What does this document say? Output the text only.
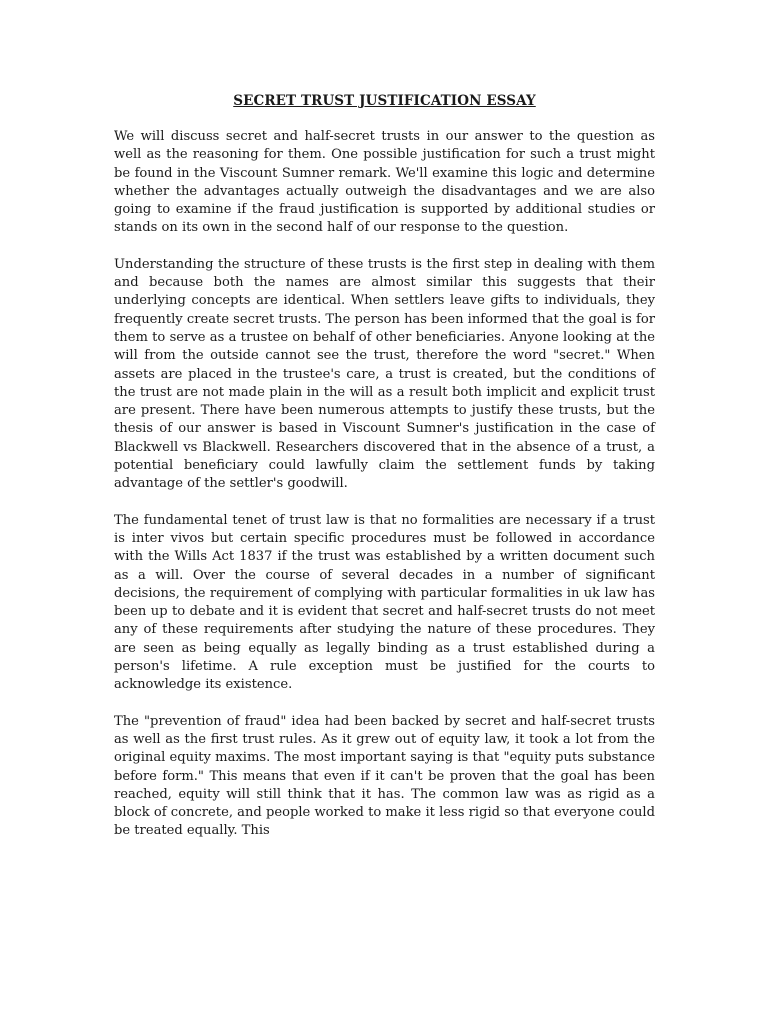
SECRET TRUST JUSTIFICATION ESSAY

We will discuss secret and half-secret trusts in our answer to the question as well as the reasoning for them. One possible justification for such a trust might be found in the Viscount Sumner remark. We'll examine this logic and determine whether the advantages actually outweigh the disadvantages and we are also going to examine if the fraud justification is supported by additional studies or stands on its own in the second half of our response to the question.

Understanding the structure of these trusts is the first step in dealing with them and because both the names are almost similar this suggests that their underlying concepts are identical. When settlers leave gifts to individuals, they frequently create secret trusts. The person has been informed that the goal is for them to serve as a trustee on behalf of other beneficiaries. Anyone looking at the will from the outside cannot see the trust, therefore the word "secret." When assets are placed in the trustee's care, a trust is created, but the conditions of the trust are not made plain in the will as a result both implicit and explicit trust are present. There have been numerous attempts to justify these trusts, but the thesis of our answer is based in Viscount Sumner's justification in the case of Blackwell vs Blackwell. Researchers discovered that in the absence of a trust, a potential beneficiary could lawfully claim the settlement funds by taking advantage of the settler's goodwill.

The fundamental tenet of trust law is that no formalities are necessary if a trust is inter vivos but certain specific procedures must be followed in accordance with the Wills Act 1837 if the trust was established by a written document such as a will. Over the course of several decades in a number of significant decisions, the requirement of complying with particular formalities in uk law has been up to debate and it is evident that secret and half-secret trusts do not meet any of these requirements after studying the nature of these procedures. They are seen as being equally as legally binding as a trust established during a person's lifetime. A rule exception must be justified for the courts to acknowledge its existence.

The "prevention of fraud" idea had been backed by secret and half-secret trusts as well as the first trust rules. As it grew out of equity law, it took a lot from the original equity maxims. The most important saying is that "equity puts substance before form." This means that even if it can't be proven that the goal has been reached, equity will still think that it has. The common law was as rigid as a block of concrete, and people worked to make it less rigid so that everyone could be treated equally. This
